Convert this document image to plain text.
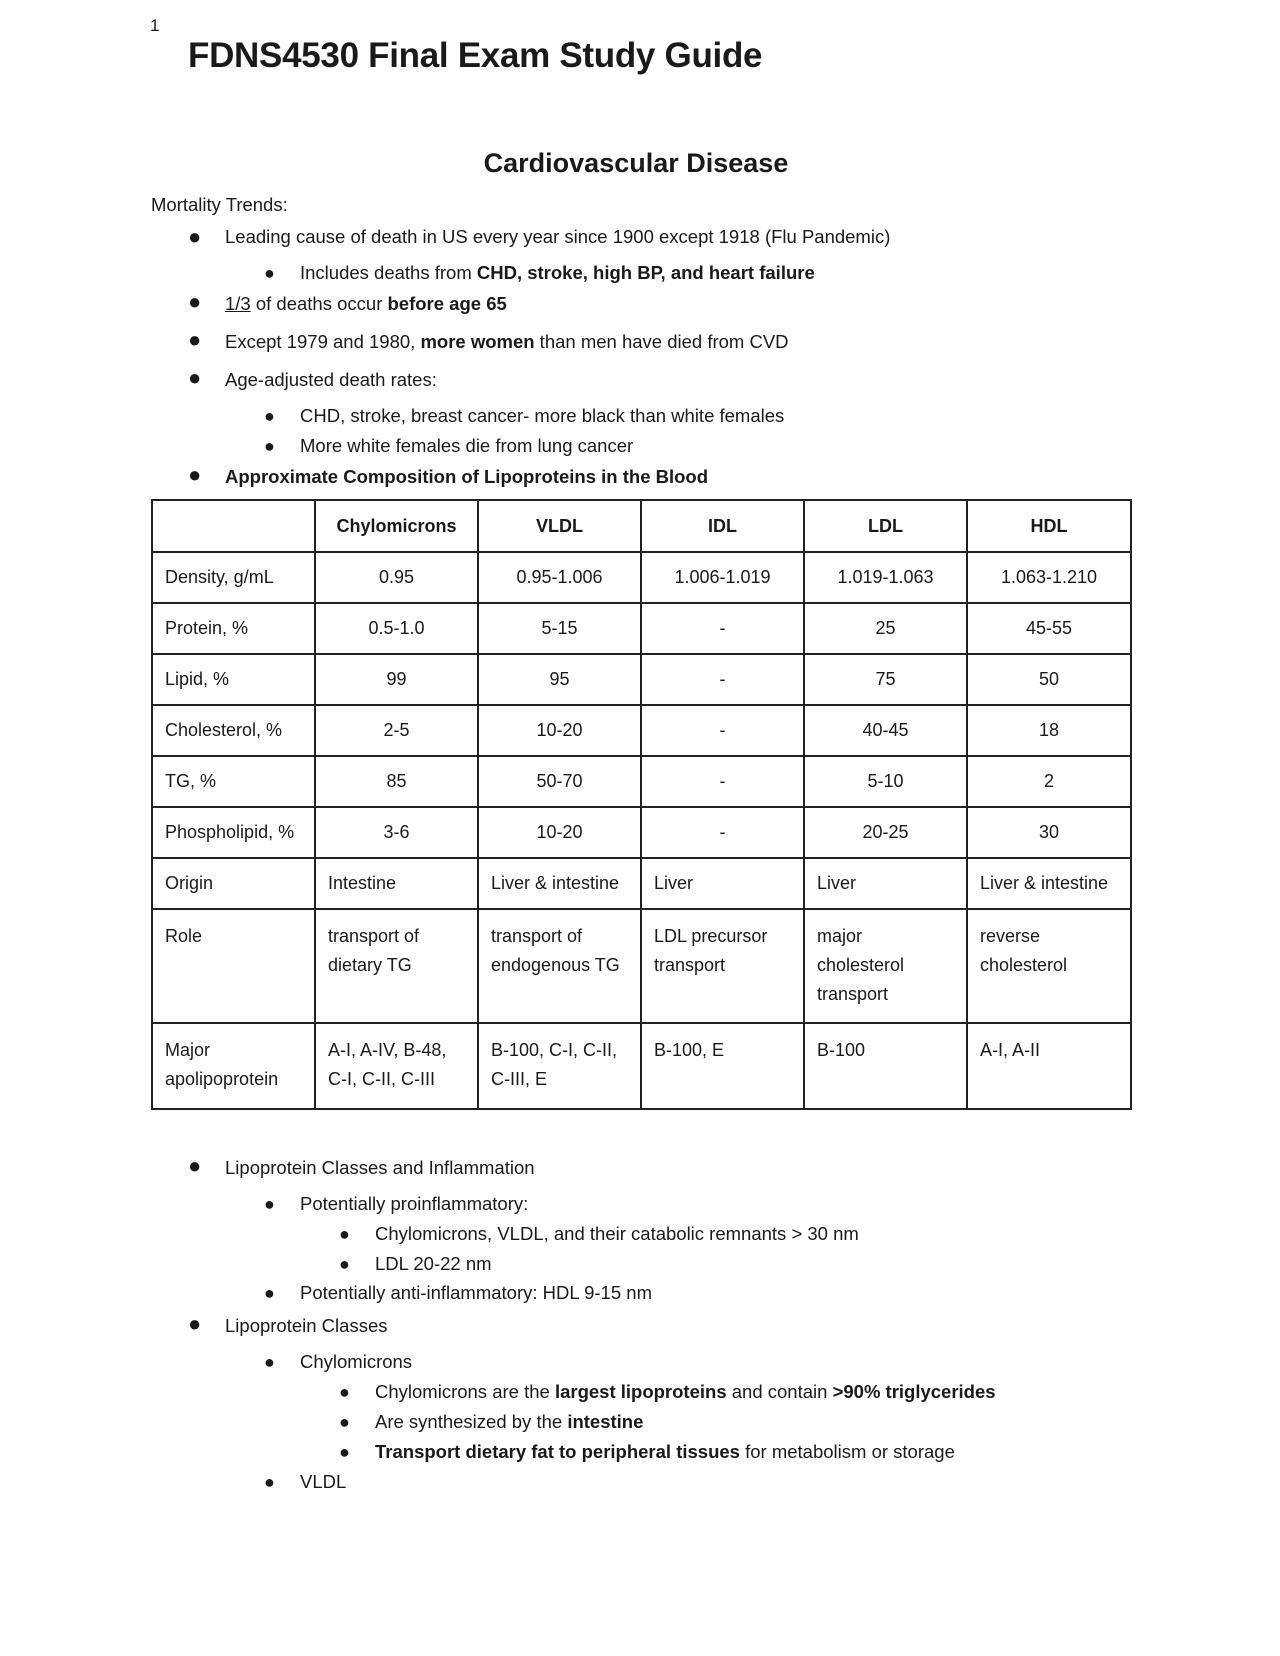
1
FDNS4530 Final Exam Study Guide
Cardiovascular Disease
Mortality Trends:
● Leading cause of death in US every year since 1900 except 1918 (Flu Pandemic)
● Includes deaths from CHD, stroke, high BP, and heart failure
● 1/3 of deaths occur before age 65
● Except 1979 and 1980, more women than men have died from CVD
● Age-adjusted death rates:
● CHD, stroke, breast cancer- more black than white females
● More white females die from lung cancer
● Approximate Composition of Lipoproteins in the Blood
	Chylomicrons	VLDL	IDL	LDL	HDL
Density, g/mL	0.95	0.95-1.006	1.006-1.019	1.019-1.063	1.063-1.210
Protein, %	0.5-1.0	5-15	-	25	45-55
Lipid, %	99	95	-	75	50
Cholesterol, %	2-5	10-20	-	40-45	18
TG, %	85	50-70	-	5-10	2
Phospholipid, %	3-6	10-20	-	20-25	30
Origin	Intestine	Liver & intestine	Liver	Liver	Liver & intestine
Role	transport of dietary TG	transport of endogenous TG	LDL precursor transport	major cholesterol transport	reverse cholesterol
Major apolipoprotein	A-I, A-IV, B-48, C-I, C-II, C-III	B-100, C-I, C-II, C-III, E	B-100, E	B-100	A-I, A-II
● Lipoprotein Classes and Inflammation
● Potentially proinflammatory:
● Chylomicrons, VLDL, and their catabolic remnants > 30 nm
● LDL 20-22 nm
● Potentially anti-inflammatory: HDL 9-15 nm
● Lipoprotein Classes
● Chylomicrons
● Chylomicrons are the largest lipoproteins and contain >90% triglycerides
● Are synthesized by the intestine
● Transport dietary fat to peripheral tissues for metabolism or storage
● VLDL
